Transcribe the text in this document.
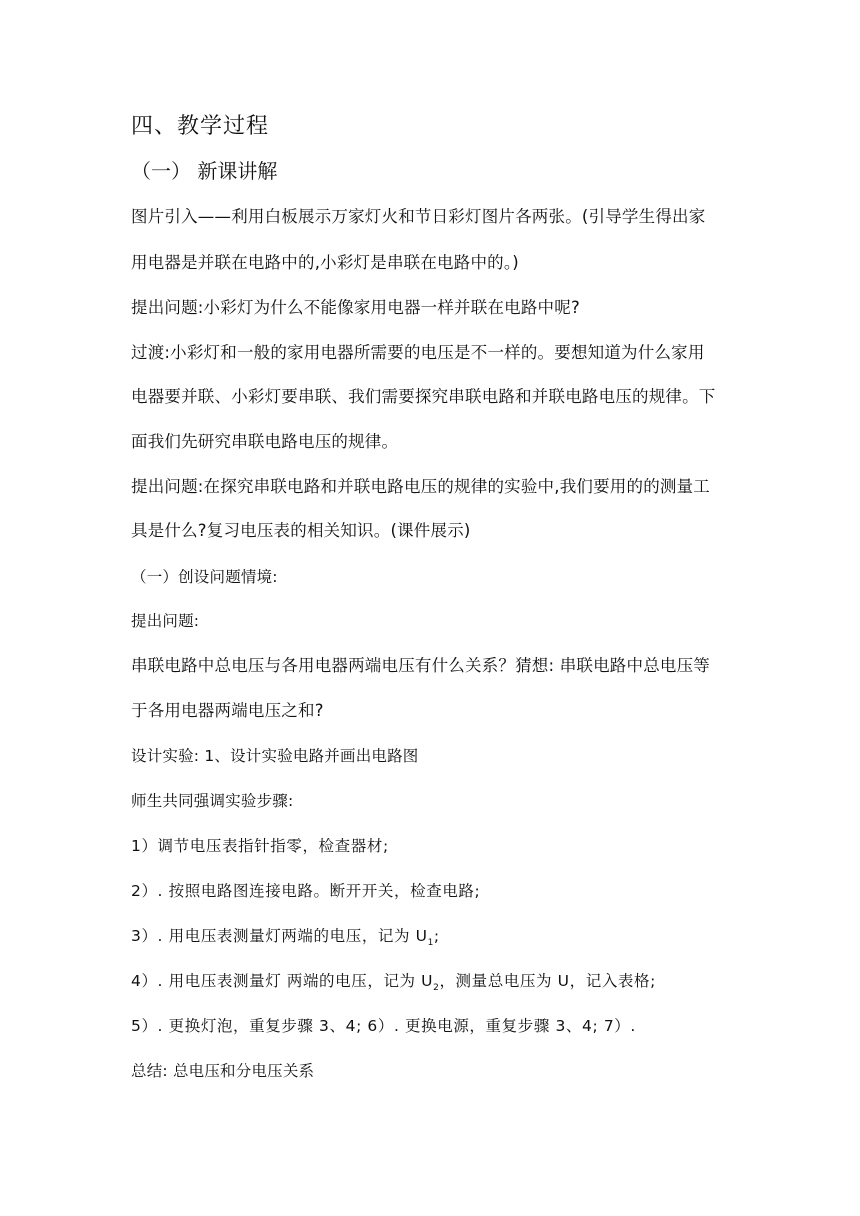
四、教学过程
（一） 新课讲解
图片引入——利用白板展示万家灯火和节日彩灯图片各两张。(引导学生得出家
用电器是并联在电路中的,小彩灯是串联在电路中的。)
提出问题:小彩灯为什么不能像家用电器一样并联在电路中呢?
过渡:小彩灯和一般的家用电器所需要的电压是不一样的。要想知道为什么家用
电器要并联、小彩灯要串联、我们需要探究串联电路和并联电路电压的规律。下
面我们先研究串联电路电压的规律。
提出问题:在探究串联电路和并联电路电压的规律的实验中,我们要用的的测量工
具是什么?复习电压表的相关知识。(课件展示)
（一）创设问题情境:
提出问题:
串联电路中总电压与各用电器两端电压有什么关系？猜想: 串联电路中总电压等
于各用电器两端电压之和?
设计实验: 1、设计实验电路并画出电路图
师生共同强调实验步骤:
1）调节电压表指针指零，检查器材;
2）. 按照电路图连接电路。断开开关，检查电路;
3）. 用电压表测量灯两端的电压，记为 $U_1$;
4）. 用电压表测量灯 两端的电压，记为 $U_2$，测量总电压为 U，记入表格;
5）. 更换灯泡，重复步骤 3、4; 6）. 更换电源，重复步骤 3、4; 7）.
总结: 总电压和分电压关系
